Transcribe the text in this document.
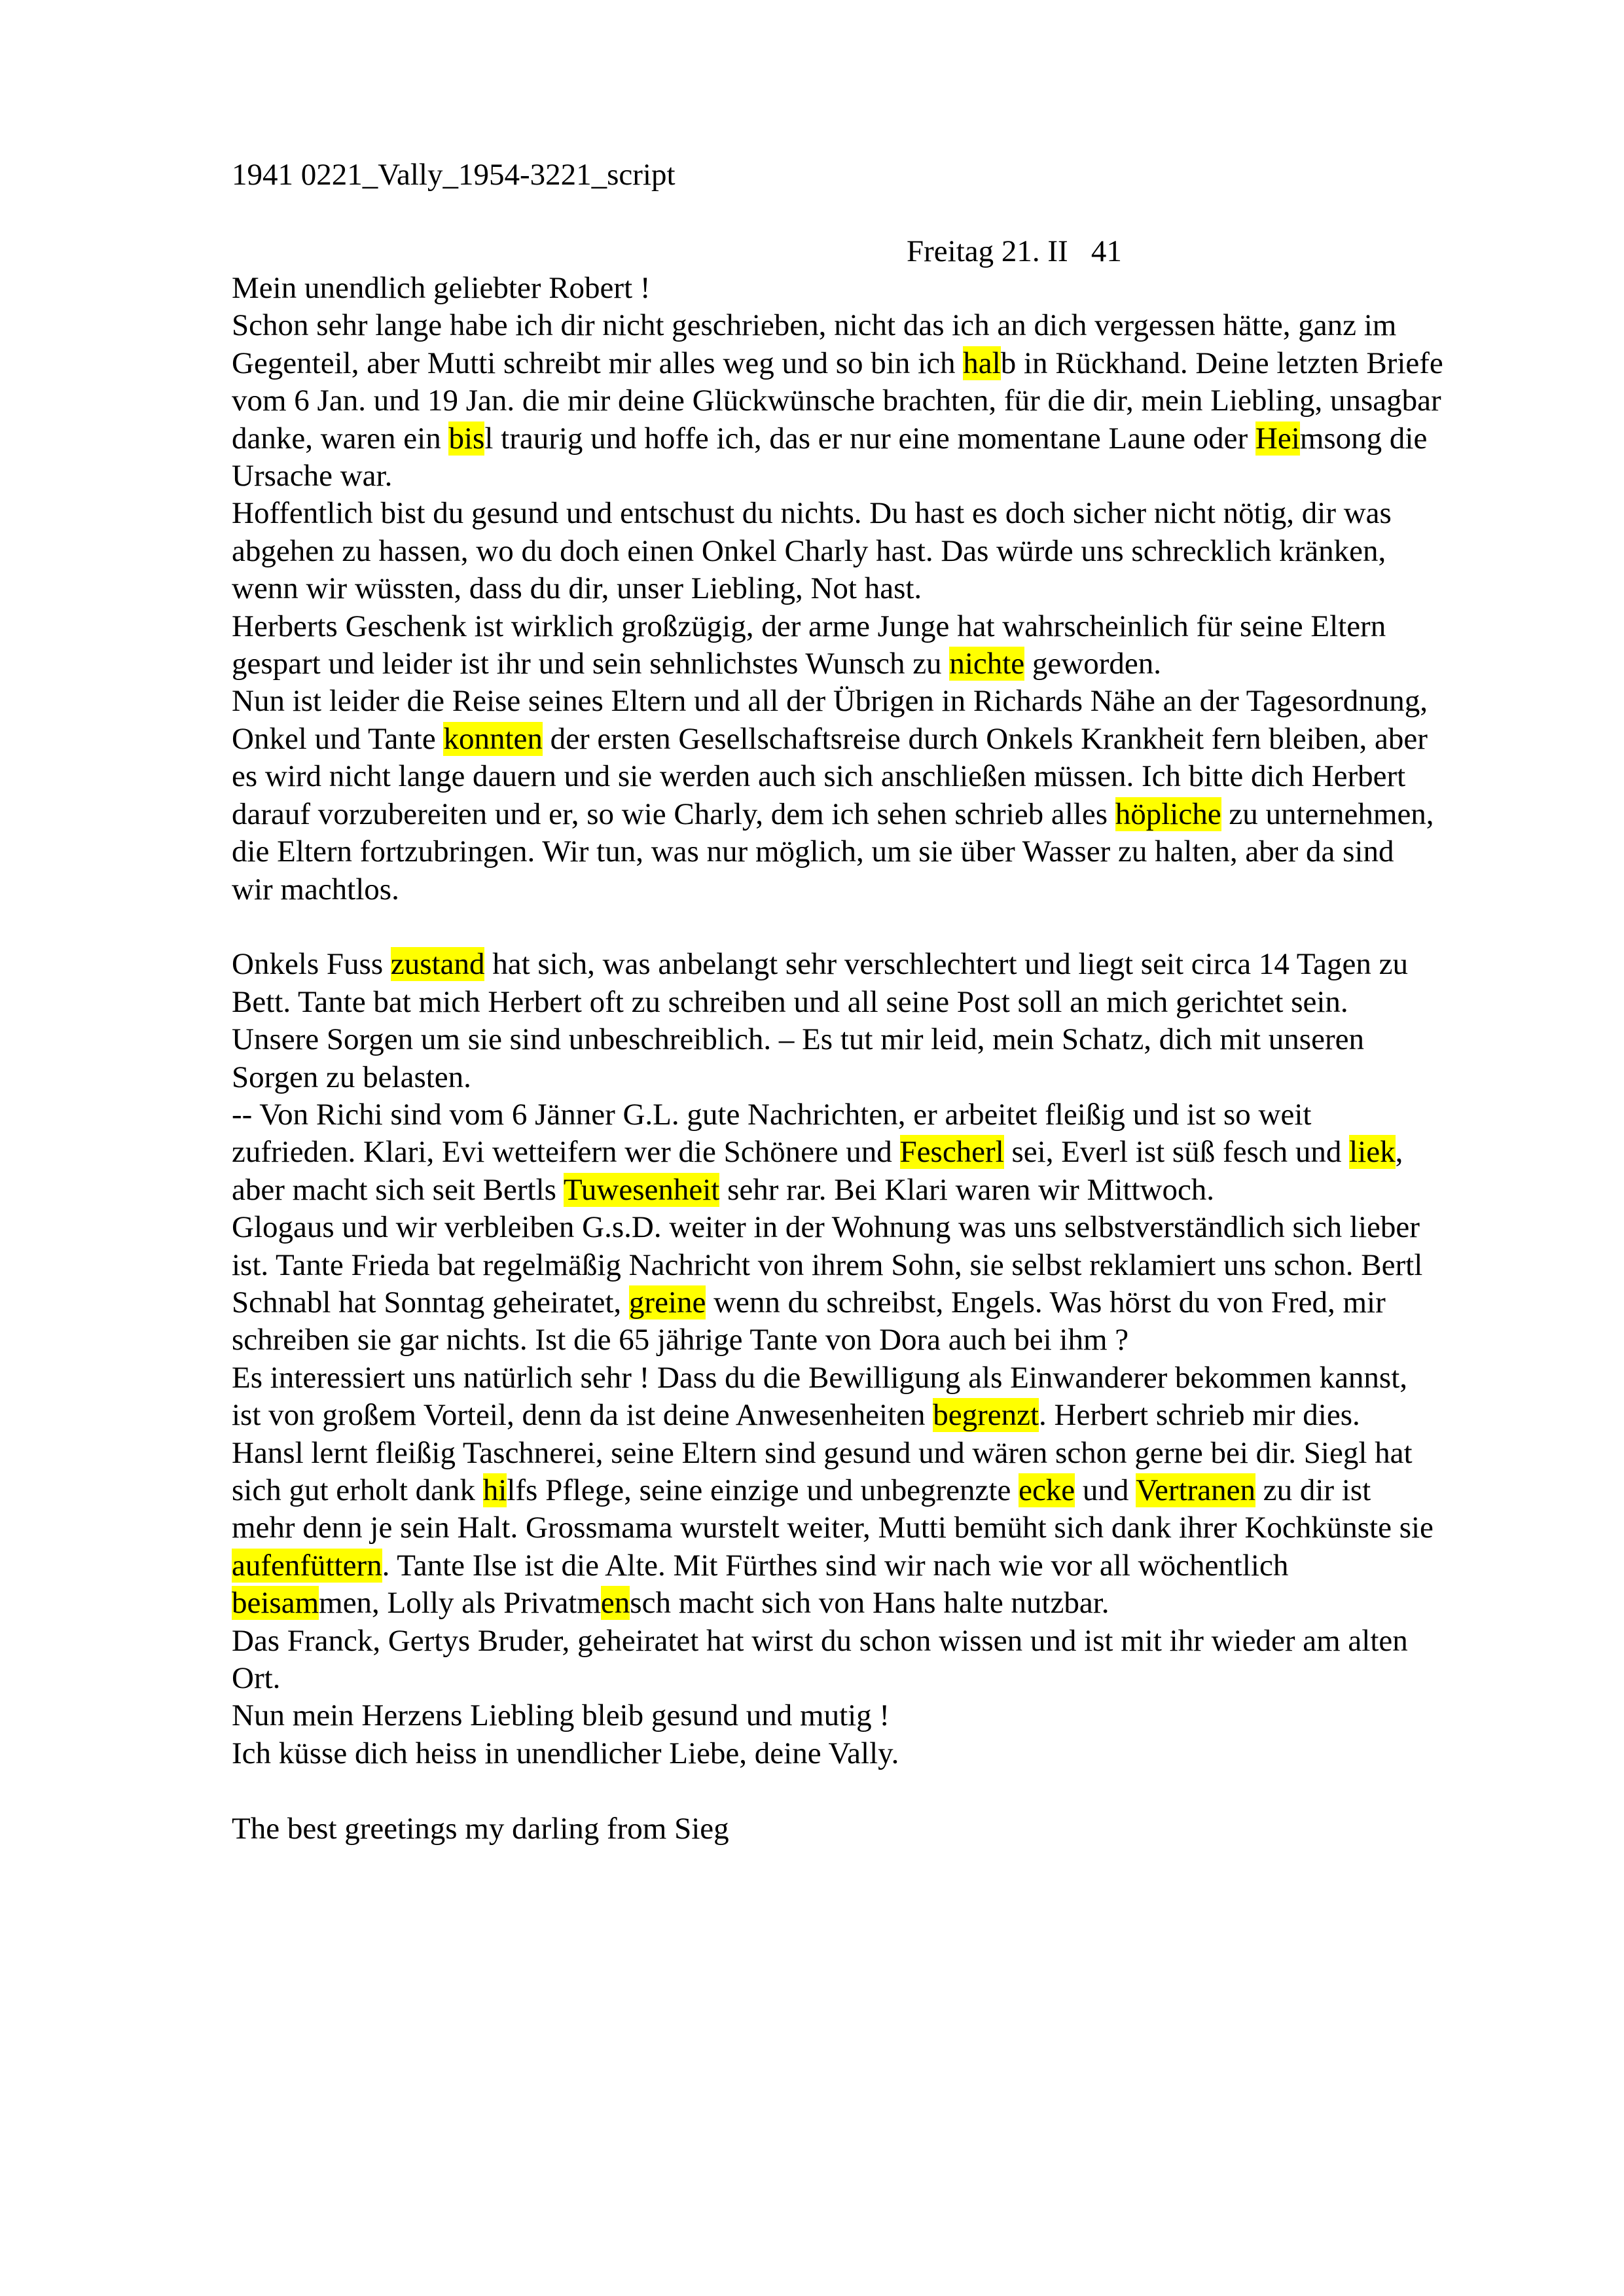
1941 0221_Vally_1954-3221_script
Freitag 21. II   41

Mein unendlich geliebter Robert !

Schon sehr lange habe ich dir nicht geschrieben, nicht das ich an dich vergessen hätte, ganz im

Gegenteil, aber Mutti schreibt mir alles weg und so bin ich halb in Rückhand. Deine letzten Briefe

vom 6 Jan. und 19 Jan. die mir deine Glückwünsche brachten, für die dir, mein Liebling, unsagbar

danke, waren ein bisl traurig und hoffe ich, das er nur eine momentane Laune oder Heimsong die

Ursache war.

Hoffentlich bist du gesund und entschust du nichts. Du hast es doch sicher nicht nötig, dir was

abgehen zu hassen, wo du doch einen Onkel Charly hast. Das würde uns schrecklich kränken,

wenn wir wüssten, dass du dir, unser Liebling, Not hast.

Herberts Geschenk ist wirklich großzügig, der arme Junge hat wahrscheinlich für seine Eltern

gespart und leider ist ihr und sein sehnlichstes Wunsch zu nichte geworden.

Nun ist leider die Reise seines Eltern und all der Übrigen in Richards Nähe an der Tagesordnung,

Onkel und Tante konnten der ersten Gesellschaftsreise durch Onkels Krankheit fern bleiben, aber

es wird nicht lange dauern und sie werden auch sich anschließen müssen. Ich bitte dich Herbert

darauf vorzubereiten und er, so wie Charly, dem ich sehen schrieb alles höpliche zu unternehmen,

die Eltern fortzubringen. Wir tun, was nur möglich, um sie über Wasser zu halten, aber da sind

wir machtlos.

Onkels Fuss zustand hat sich, was anbelangt sehr verschlechtert und liegt seit circa 14 Tagen zu

Bett. Tante bat mich Herbert oft zu schreiben und all seine Post soll an mich gerichtet sein.

Unsere Sorgen um sie sind unbeschreiblich. – Es tut mir leid, mein Schatz, dich mit unseren

Sorgen zu belasten.

-- Von Richi sind vom 6 Jänner G.L. gute Nachrichten, er arbeitet fleißig und ist so weit

zufrieden. Klari, Evi wetteifern wer die Schönere und Fescherl sei, Everl ist süß fesch und liek,

aber macht sich seit Bertls Tuwesenheit sehr rar. Bei Klari waren wir Mittwoch.

Glogaus und wir verbleiben G.s.D. weiter in der Wohnung was uns selbstverständlich sich lieber

ist. Tante Frieda bat regelmäßig Nachricht von ihrem Sohn, sie selbst reklamiert uns schon. Bertl

Schnabl hat Sonntag geheiratet, greine wenn du schreibst, Engels. Was hörst du von Fred, mir

schreiben sie gar nichts. Ist die 65 jährige Tante von Dora auch bei ihm ?

Es interessiert uns natürlich sehr ! Dass du die Bewilligung als Einwanderer bekommen kannst,

ist von großem Vorteil, denn da ist deine Anwesenheiten begrenzt. Herbert schrieb mir dies.

Hansl lernt fleißig Taschnerei, seine Eltern sind gesund und wären schon gerne bei dir. Siegl hat

sich gut erholt dank hilfs Pflege, seine einzige und unbegrenzte ecke und Vertranen zu dir ist

mehr denn je sein Halt. Grossmama wurstelt weiter, Mutti bemüht sich dank ihrer Kochkünste sie

aufenfüttern. Tante Ilse ist die Alte. Mit Fürthes sind wir nach wie vor all wöchentlich

beisammen, Lolly als Privatmensch macht sich von Hans halte nutzbar.

Das Franck, Gertys Bruder, geheiratet hat wirst du schon wissen und ist mit ihr wieder am alten

Ort.

Nun mein Herzens Liebling bleib gesund und mutig !

Ich küsse dich heiss in unendlicher Liebe, deine Vally.

The best greetings my darling from Sieg
